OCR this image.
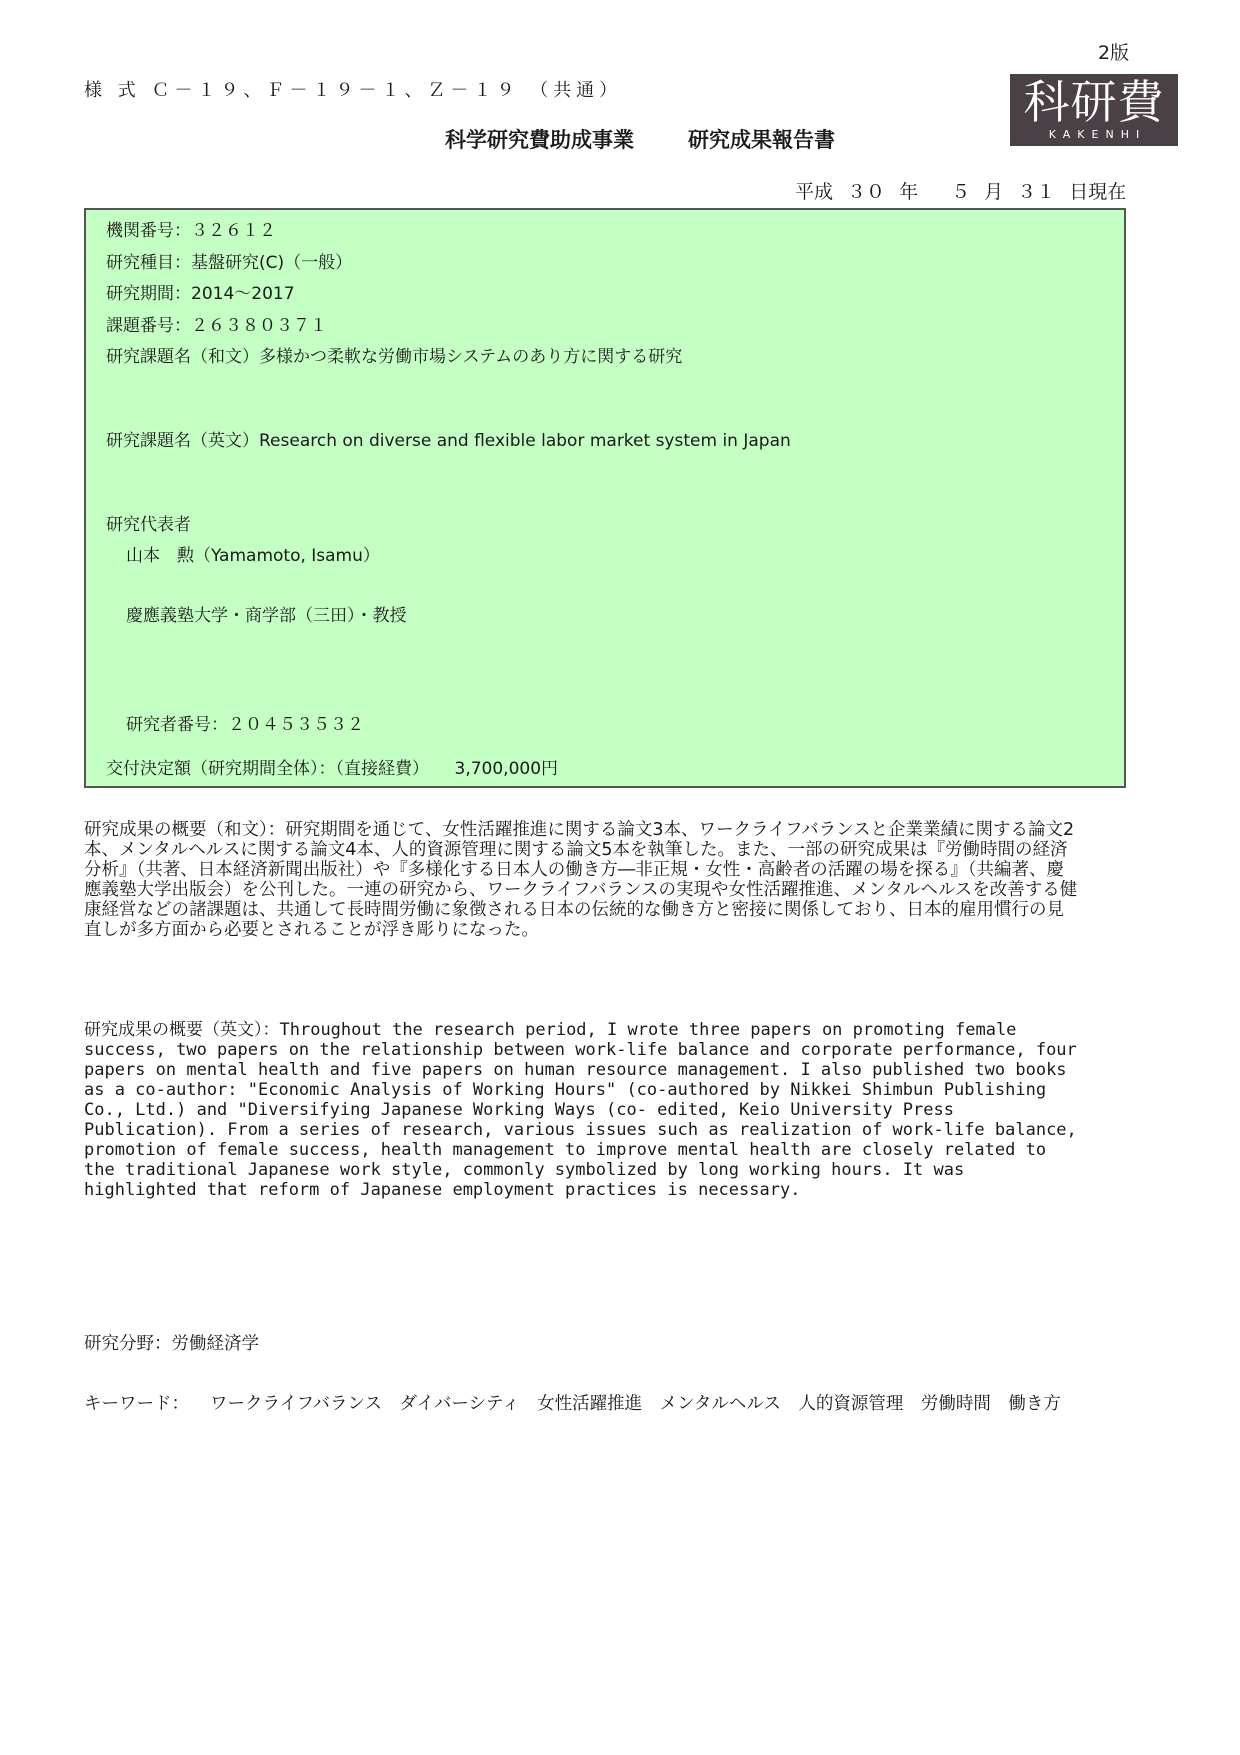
2版
様 式 Ｃ－１９、Ｆ－１９－１、Ｚ－１９ （共通）	科研費
KAKENHI
科学研究費助成事業	研究成果報告書
平成 ３０ 年 　５ 月 ３１ 日現在
機関番号：３２６１２
研究種目：基盤研究(C)（一般）
研究期間：2014～2017
課題番号：２６３８０３７１
研究課題名（和文）多様かつ柔軟な労働市場システムのあり方に関する研究
研究課題名（英文）Research on diverse and flexible labor market system in Japan
研究代表者
山本　勲（Yamamoto, Isamu）
慶應義塾大学・商学部（三田）・教授
研究者番号：２０４５３５３２
交付決定額（研究期間全体）：（直接経費）　　3,700,000円

研究成果の概要（和文）：研究期間を通じて、女性活躍推進に関する論文3本、ワークライフバランスと企業業績に関する論文2本、メンタルヘルスに関する論文4本、人的資源管理に関する論文5本を執筆した。また、一部の研究成果は『労働時間の経済分析』（共著、日本経済新聞出版社）や『多様化する日本人の働き方―非正規・女性・高齢者の活躍の場を探る』（共編著、慶應義塾大学出版会）を公刊した。一連の研究から、ワークライフバランスの実現や女性活躍推進、メンタルヘルスを改善する健康経営などの諸課題は、共通して長時間労働に象徴される日本の伝統的な働き方と密接に関係しており、日本的雇用慣行の見直しが多方面から必要とされることが浮き彫りになった。

研究成果の概要（英文）：Throughout the research period, I wrote three papers on promoting female success, two papers on the relationship between work-life balance and corporate performance, four papers on mental health and five papers on human resource management. I also published two books as a co-author: "Economic Analysis of Working Hours" (co-authored by Nikkei Shimbun Publishing Co., Ltd.) and "Diversifying Japanese Working Ways (co- edited, Keio University Press Publication). From a series of research, various issues such as realization of work-life balance, promotion of female success, health management to improve mental health are closely related to the traditional Japanese work style, commonly symbolized by long working hours. It was highlighted that reform of Japanese employment practices is necessary.

研究分野：労働経済学
キーワード： ワークライフバランス　ダイバーシティ　女性活躍推進　メンタルヘルス　人的資源管理　労働時間　働き方
